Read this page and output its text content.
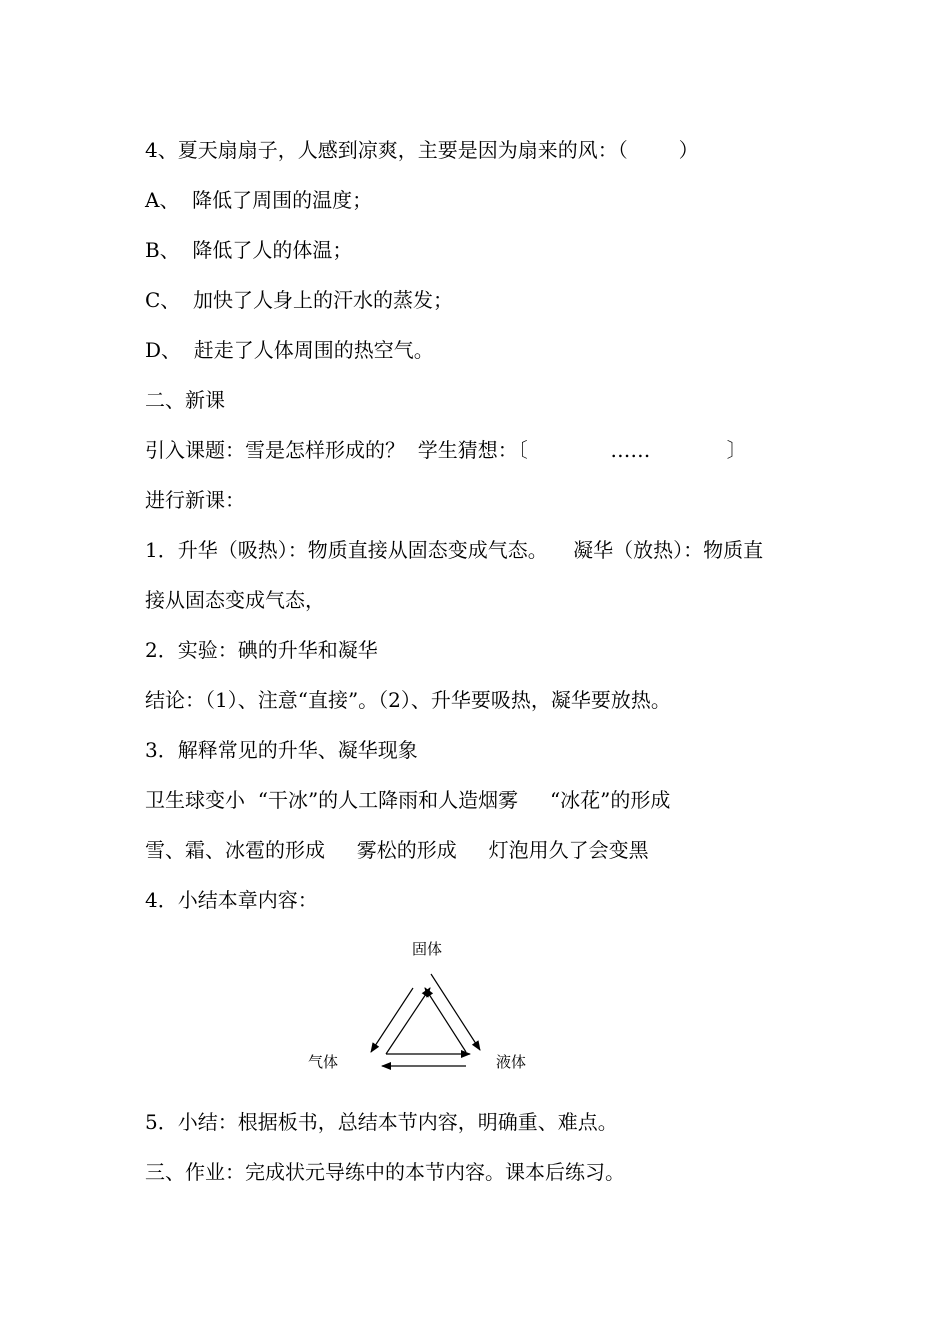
4、夏天扇扇子，人感到凉爽，主要是因为扇来的风：（        ）
A、  降低了周围的温度；
B、  降低了人的体温；
C、  加快了人身上的汗水的蒸发；
D、  赶走了人体周围的热空气。
二、新课
引入课题：雪是怎样形成的？  学生猜想：〔             ……            〕
进行新课：
1．升华（吸热）：物质直接从固态变成气态。    凝华（放热）：物质直
接从固态变成气态，
2．实验：碘的升华和凝华
结论：（1）、注意“直接”。（2）、升华要吸热，凝华要放热。
3．解释常见的升华、凝华现象
卫生球变小  “干冰”的人工降雨和人造烟雾     “冰花”的形成
雪、霜、冰雹的形成     雾松的形成     灯泡用久了会变黑
4．小结本章内容：
固体
气体	液体
5．小结：根据板书，总结本节内容，明确重、难点。
三、作业：完成状元导练中的本节内容。课本后练习。
